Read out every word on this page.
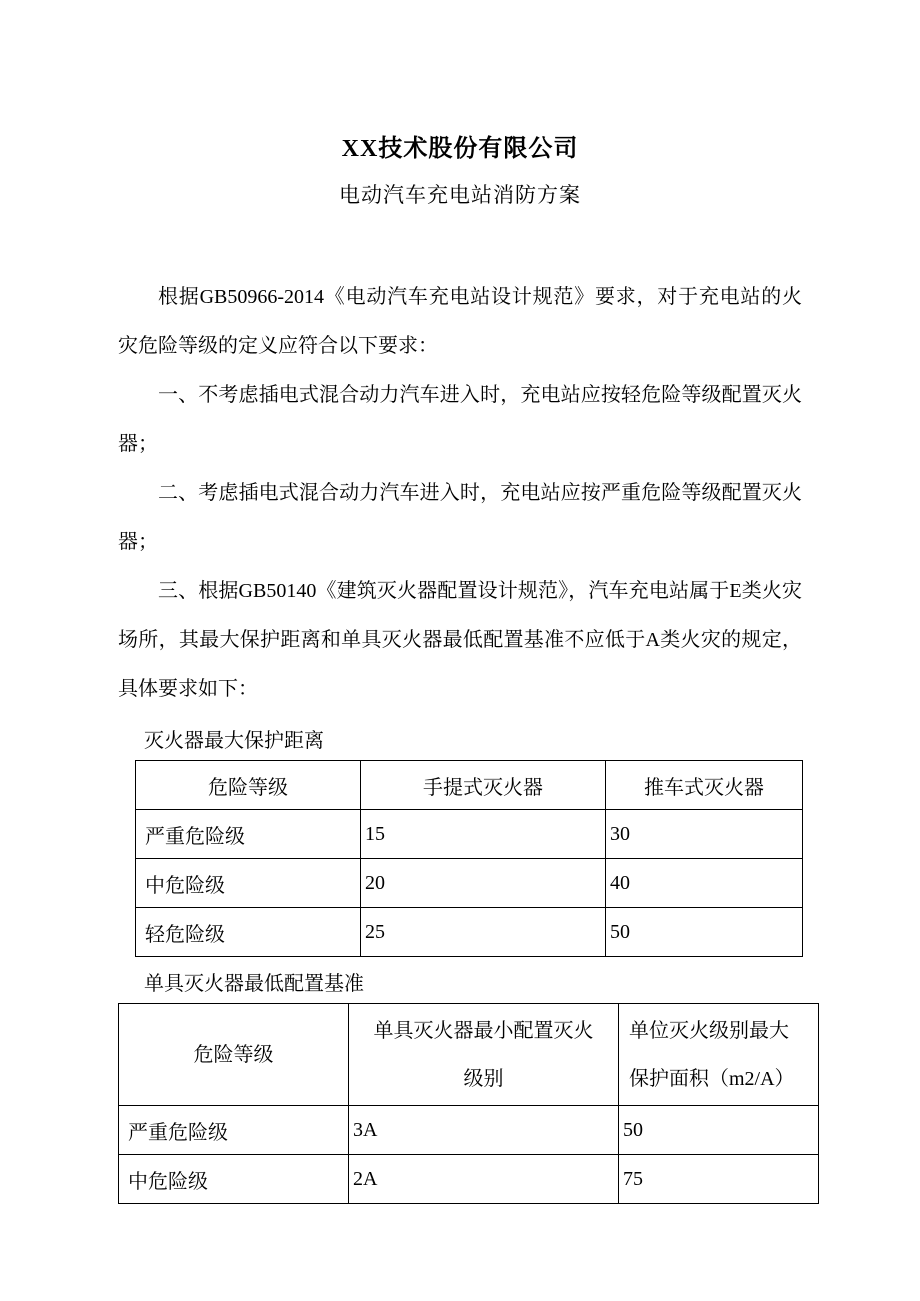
XX技术股份有限公司
电动汽车充电站消防方案

根据GB50966-2014《电动汽车充电站设计规范》要求，对于充电站的火灾危险等级的定义应符合以下要求：

一、不考虑插电式混合动力汽车进入时，充电站应按轻危险等级配置灭火器；

二、考虑插电式混合动力汽车进入时，充电站应按严重危险等级配置灭火器；

三、根据GB50140《建筑灭火器配置设计规范》，汽车充电站属于E类火灾场所，其最大保护距离和单具灭火器最低配置基准不应低于A类火灾的规定，具体要求如下：

灭火器最大保护距离
危险等级	手提式灭火器	推车式灭火器
严重危险级	15	30
中危险级	20	40
轻危险级	25	50
单具灭火器最低配置基准
危险等级	单具灭火器最小配置灭火级别	单位灭火级别最大保护面积（m2/A）
严重危险级	3A	50
中危险级	2A	75
